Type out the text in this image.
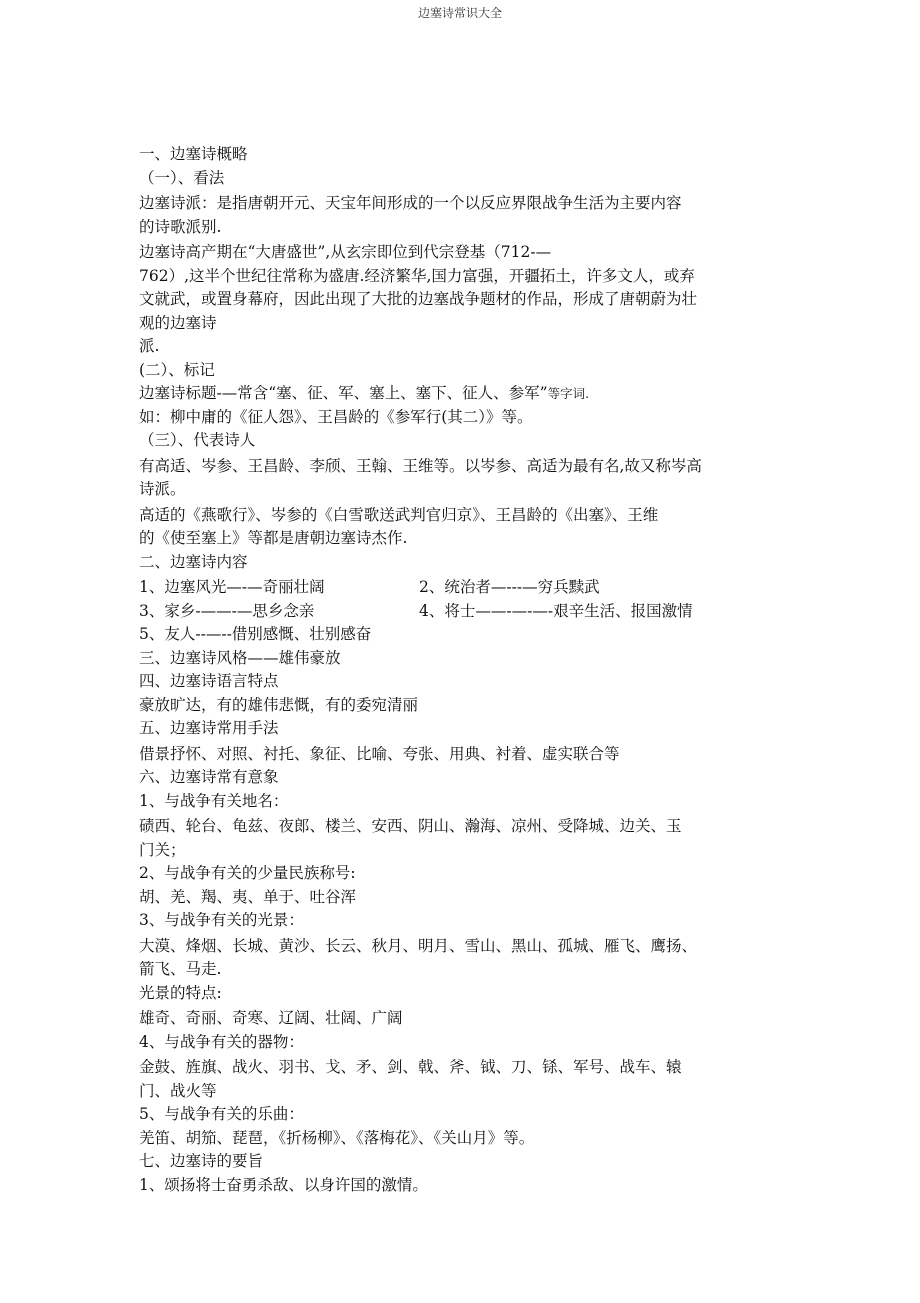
边塞诗常识大全

一、边塞诗概略

（一）、看法

边塞诗派：是指唐朝开元、天宝年间形成的一个以反应界限战争生活为主要内容

的诗歌派别.

边塞诗高产期在“大唐盛世”,从玄宗即位到代宗登基（712-—

762）,这半个世纪往常称为盛唐.经济繁华,国力富强，开疆拓土，许多文人，或弃

文就武，或置身幕府，因此出现了大批的边塞战争题材的作品，形成了唐朝蔚为壮

观的边塞诗

派.

(二）、标记

边塞诗标题-—常含“塞、征、军、塞上、塞下、征人、参军”等字词.

如：柳中庸的《征人怨》、王昌龄的《参军行(其二）》等。

（三）、代表诗人

有高适、岑参、王昌龄、李颀、王翰、王维等。以岑参、高适为最有名,故又称岑高

诗派。

高适的《燕歌行》、岑参的《白雪歌送武判官归京》、王昌龄的《出塞》、王维

的《使至塞上》等都是唐朝边塞诗杰作.

二、边塞诗内容

1、边塞风光—-—奇丽壮阔	2、统治者—---—穷兵黩武
3、家乡-——-—思乡念亲	4、将士——-—-—-艰辛生活、报国激情

5、友人--—--借别感慨、壮别感奋

三、边塞诗风格——雄伟豪放

四、边塞诗语言特点

豪放旷达，有的雄伟悲慨，有的委宛清丽

五、边塞诗常用手法

借景抒怀、对照、衬托、象征、比喻、夸张、用典、衬着、虚实联合等

六、边塞诗常有意象

1、与战争有关地名：

碛西、轮台、龟兹、夜郎、楼兰、安西、阴山、瀚海、凉州、受降城、边关、玉

门关；

2、与战争有关的少量民族称号:

胡、羌、羯、夷、单于、吐谷浑

3、与战争有关的光景：

大漠、烽烟、长城、黄沙、长云、秋月、明月、雪山、黑山、孤城、雁飞、鹰扬、

箭飞、马走.

光景的特点:

雄奇、奇丽、奇寒、辽阔、壮阔、广阔

4、与战争有关的器物：

金鼓、旌旗、战火、羽书、戈、矛、剑、戟、斧、钺、刀、铩、军号、战车、辕

门、战火等

5、与战争有关的乐曲：

羌笛、胡笳、琵琶，《折杨柳》、《落梅花》、《关山月》等。

七、边塞诗的要旨

1、颂扬将士奋勇杀敌、以身许国的激情。
